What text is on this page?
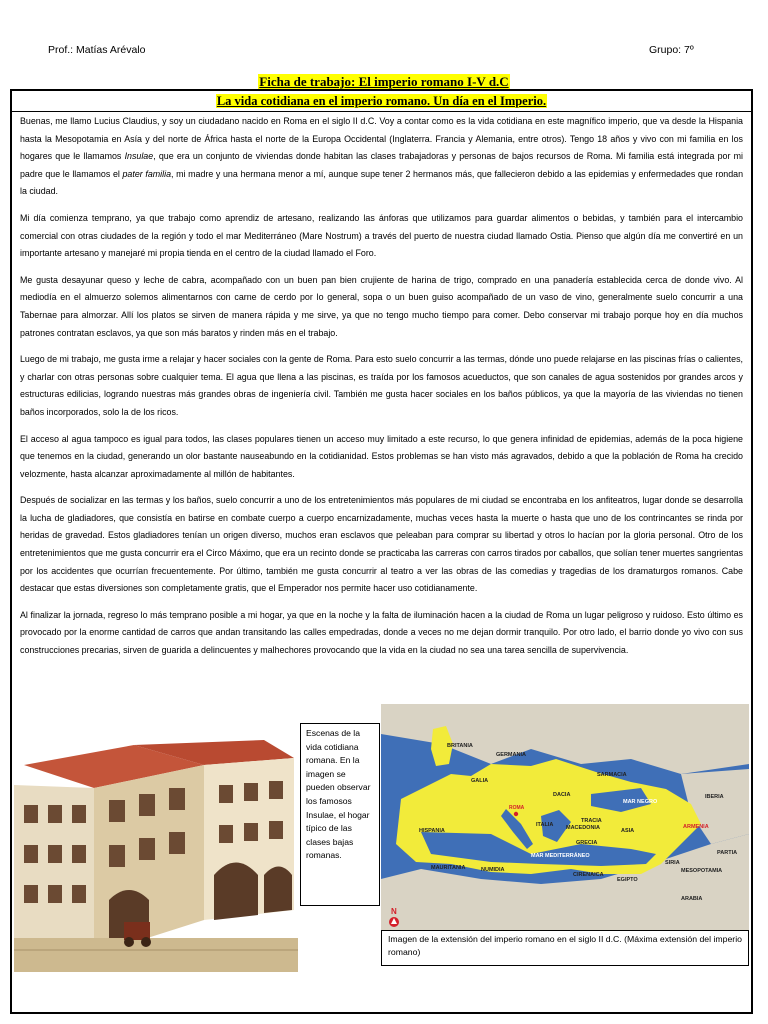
Prof.: Matías Arévalo	Grupo: 7º
Ficha de trabajo: El imperio romano I-V d.C
La vida cotidiana en el imperio romano. Un día en el Imperio.

Buenas, me llamo Lucius Claudius, y soy un ciudadano nacido en Roma en el siglo II d.C. Voy a contar como es la vida cotidiana en este magnífico imperio, que va desde la Hispania hasta la Mesopotamia en Asía y del norte de África hasta el norte de la Europa Occidental (Inglaterra. Francia y Alemania, entre otros). Tengo 18 años y vivo con mi familia en los hogares que le llamamos Insulae, que era un conjunto de viviendas donde habitan las clases trabajadoras y personas de bajos recursos de Roma. Mi familia está integrada por mi padre que le llamamos el pater familia, mi madre y una hermana menor a mí, aunque supe tener 2 hermanos más, que fallecieron debido a las epidemias y enfermedades que rondan la ciudad.

Mi día comienza temprano, ya que trabajo como aprendiz de artesano, realizando las ánforas que utilizamos para guardar alimentos o bebidas, y también para el intercambio comercial con otras ciudades de la región y todo el mar Mediterráneo (Mare Nostrum) a través del puerto de nuestra ciudad llamado Ostia. Pienso que algún día me convertiré en un importante artesano y manejaré mi propia tienda en el centro de la ciudad llamado el Foro.

Me gusta desayunar queso y leche de cabra, acompañado con un buen pan bien crujiente de harina de trigo, comprado en una panadería establecida cerca de donde vivo. Al mediodía en el almuerzo solemos alimentarnos con carne de cerdo por lo general, sopa o un buen guiso acompañado de un vaso de vino, generalmente suelo concurrir a una Tabernae para almorzar. Allí los platos se sirven de manera rápida y me sirve, ya que no tengo mucho tiempo para comer. Debo conservar mi trabajo porque hoy en día muchos patrones contratan esclavos, ya que son más baratos y rinden más en el trabajo.

Luego de mi trabajo, me gusta irme a relajar y hacer sociales con la gente de Roma. Para esto suelo concurrir a las termas, dónde uno puede relajarse en las piscinas frías o calientes, y charlar con otras personas sobre cualquier tema. El agua que llena a las piscinas, es traída por los famosos acueductos, que son canales de agua sostenidos por grandes arcos y estructuras edilicias, logrando nuestras más grandes obras de ingeniería civil. También me gusta hacer sociales en los baños públicos, ya que la mayoría de las viviendas no tienen baños incorporados, solo la de los ricos.

El acceso al agua tampoco es igual para todos, las clases populares tienen un acceso muy limitado a este recurso, lo que genera infinidad de epidemias, además de la poca higiene que tenemos en la ciudad, generando un olor bastante nauseabundo en la cotidianidad. Estos problemas se han visto más agravados, debido a que la población de Roma ha crecido velozmente, hasta alcanzar aproximadamente al millón de habitantes.

Después de socializar en las termas y los baños, suelo concurrir a uno de los entretenimientos más populares de mi ciudad se encontraba en los anfiteatros, lugar donde se desarrolla la lucha de gladiadores, que consistía en batirse en combate cuerpo a cuerpo encarnizadamente, muchas veces hasta la muerte o hasta que uno de los contrincantes se rinda por heridas de gravedad. Estos gladiadores tenían un origen diverso, muchos eran esclavos que peleaban para comprar su libertad y otros lo hacían por la gloria personal. Otro de los entretenimientos que me gusta concurrir era el Circo Máximo, que era un recinto donde se practicaba las carreras con carros tirados por caballos, que solían tener muertes sangrientas por los accidentes que ocurrían frecuentemente. Por último, también me gusta concurrir al teatro a ver las obras de las comedias y tragedias de los dramaturgos romanos. Cabe destacar que estas diversiones son completamente gratis, que el Emperador nos permite hacer uso cotidianamente.

Al finalizar la jornada, regreso lo más temprano posible a mi hogar, ya que en la noche y la falta de iluminación hacen a la ciudad de Roma un lugar peligroso y ruidoso. Esto último es provocado por la enorme cantidad de carros que andan transitando las calles empedradas, donde a veces no me dejan dormir tranquilo. Por otro lado, el barrio donde yo vivo con sus construcciones precarias, sirven de guarida a delincuentes y malhechores provocando que la vida en la ciudad no sea una tarea sencilla de supervivencia.

Escenas de la vida cotidiana romana. En la imagen se pueden observar los famosos Insulae, el hogar típico de las clases bajas romanas.
BRITANIA
GERMANIA
GALIA
HISPANIA
ROMA
ITALIA
DACIA
SARMACIA
IBERIA
MAR NEGRO
MACEDONIA
TRACIA
ASIA
ARMENIA
GRECIA
SIRIA
PARTIA
MESOPOTAMIA
MAURITANIA	NUMIDIA
MAR MEDITERRÁNEO
CIRENAICA
EGIPTO
ARABIA
N
Imagen de la extensión del imperio romano en el siglo II d.C. (Máxima extensión del imperio romano)
